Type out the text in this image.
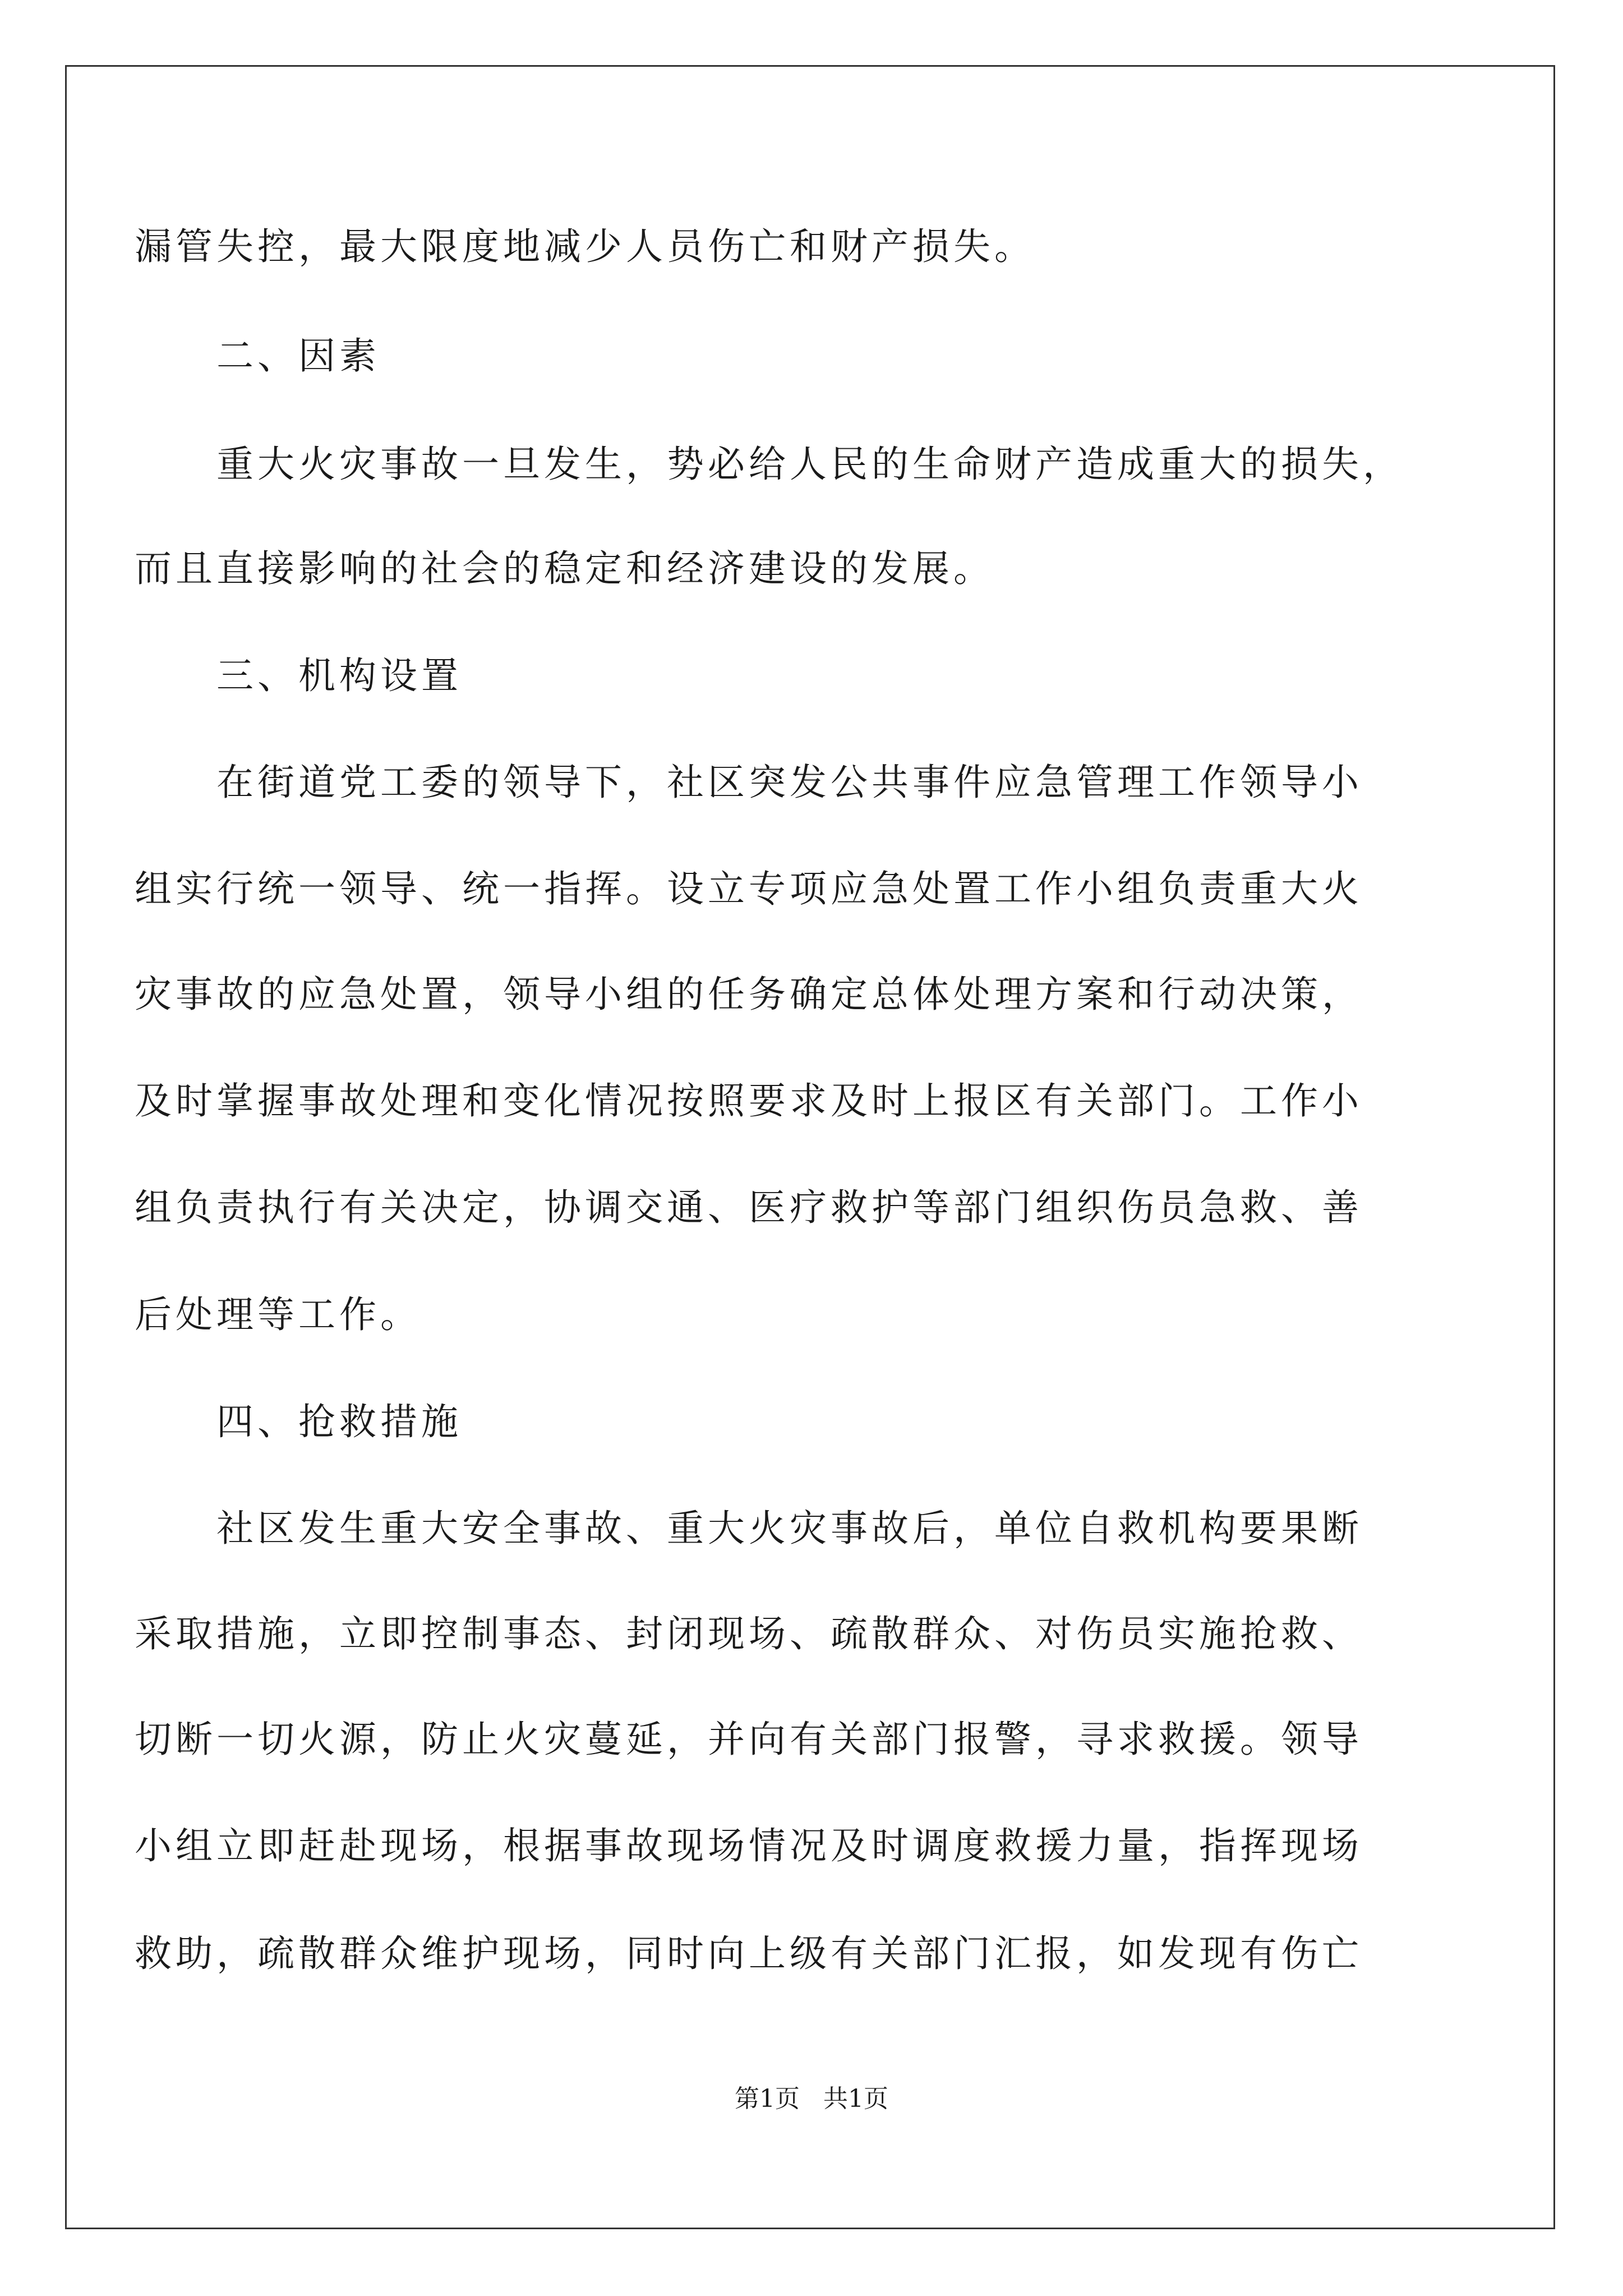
漏管失控，最大限度地减少人员伤亡和财产损失。
二、因素
重大火灾事故一旦发生，势必给人民的生命财产造成重大的损失，
而且直接影响的社会的稳定和经济建设的发展。
三、机构设置
在街道党工委的领导下，社区突发公共事件应急管理工作领导小
组实行统一领导、统一指挥。设立专项应急处置工作小组负责重大火
灾事故的应急处置，领导小组的任务确定总体处理方案和行动决策，
及时掌握事故处理和变化情况按照要求及时上报区有关部门。工作小
组负责执行有关决定，协调交通、医疗救护等部门组织伤员急救、善
后处理等工作。
四、抢救措施
社区发生重大安全事故、重大火灾事故后，单位自救机构要果断
采取措施，立即控制事态、封闭现场、疏散群众、对伤员实施抢救、
切断一切火源，防止火灾蔓延，并向有关部门报警，寻求救援。领导
小组立即赶赴现场，根据事故现场情况及时调度救援力量，指挥现场
救助，疏散群众维护现场，同时向上级有关部门汇报，如发现有伤亡
第1页 共1页
